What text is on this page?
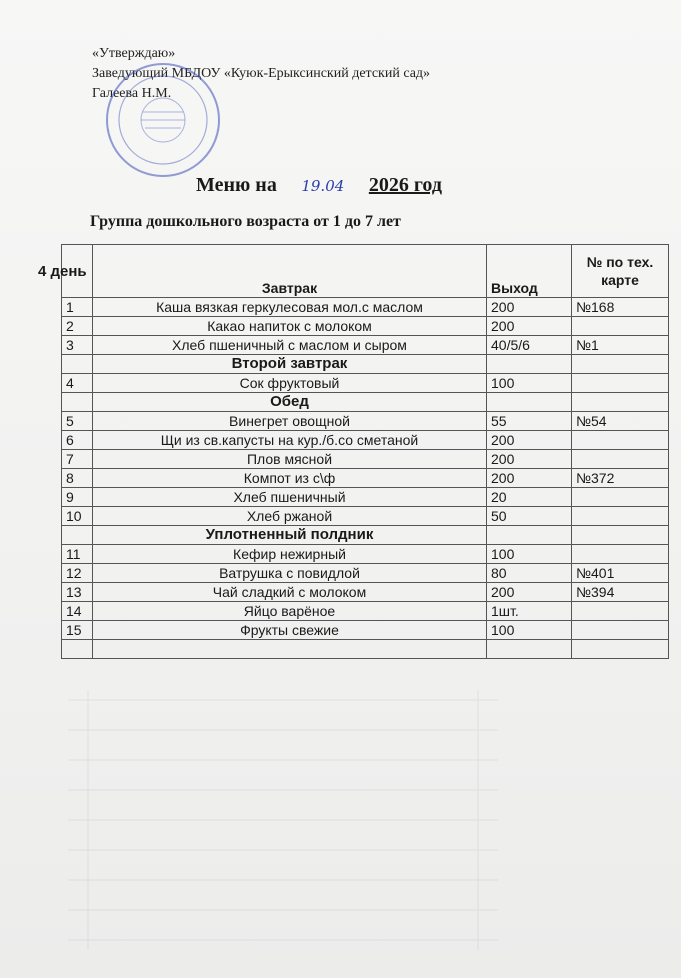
«Утверждаю»
Заведующий МБДОУ «Куюк-Ерыксинский детский сад»
Галеева Н.М.
Меню на 19.04 2026 год
Группа дошкольного возраста от 1 до 7 лет
4 день	Завтрак	Выход	№ по тех.
карте

1	Каша вязкая геркулесовая мол.с маслом	200	№168
2	Какао напиток с молоком	200	
3	Хлеб пшеничный с маслом и сыром	40/5/6	№1
	Второй завтрак		
4	Сок фруктовый	100	
	Обед		
5	Винегрет овощной	55	№54
6	Щи из св.капусты на кур./б.со сметаной	200	
7	Плов мясной	200	
8	Компот из с\ф	200	№372
9	Хлеб пшеничный	20	
10	Хлеб ржаной	50	
	Уплотненный полдник		
11	Кефир нежирный	100	
12	Ватрушка с повидлой	80	№401
13	Чай сладкий с молоком	200	№394
14	Яйцо варёное	1шт.	
15	Фрукты свежие	100	
